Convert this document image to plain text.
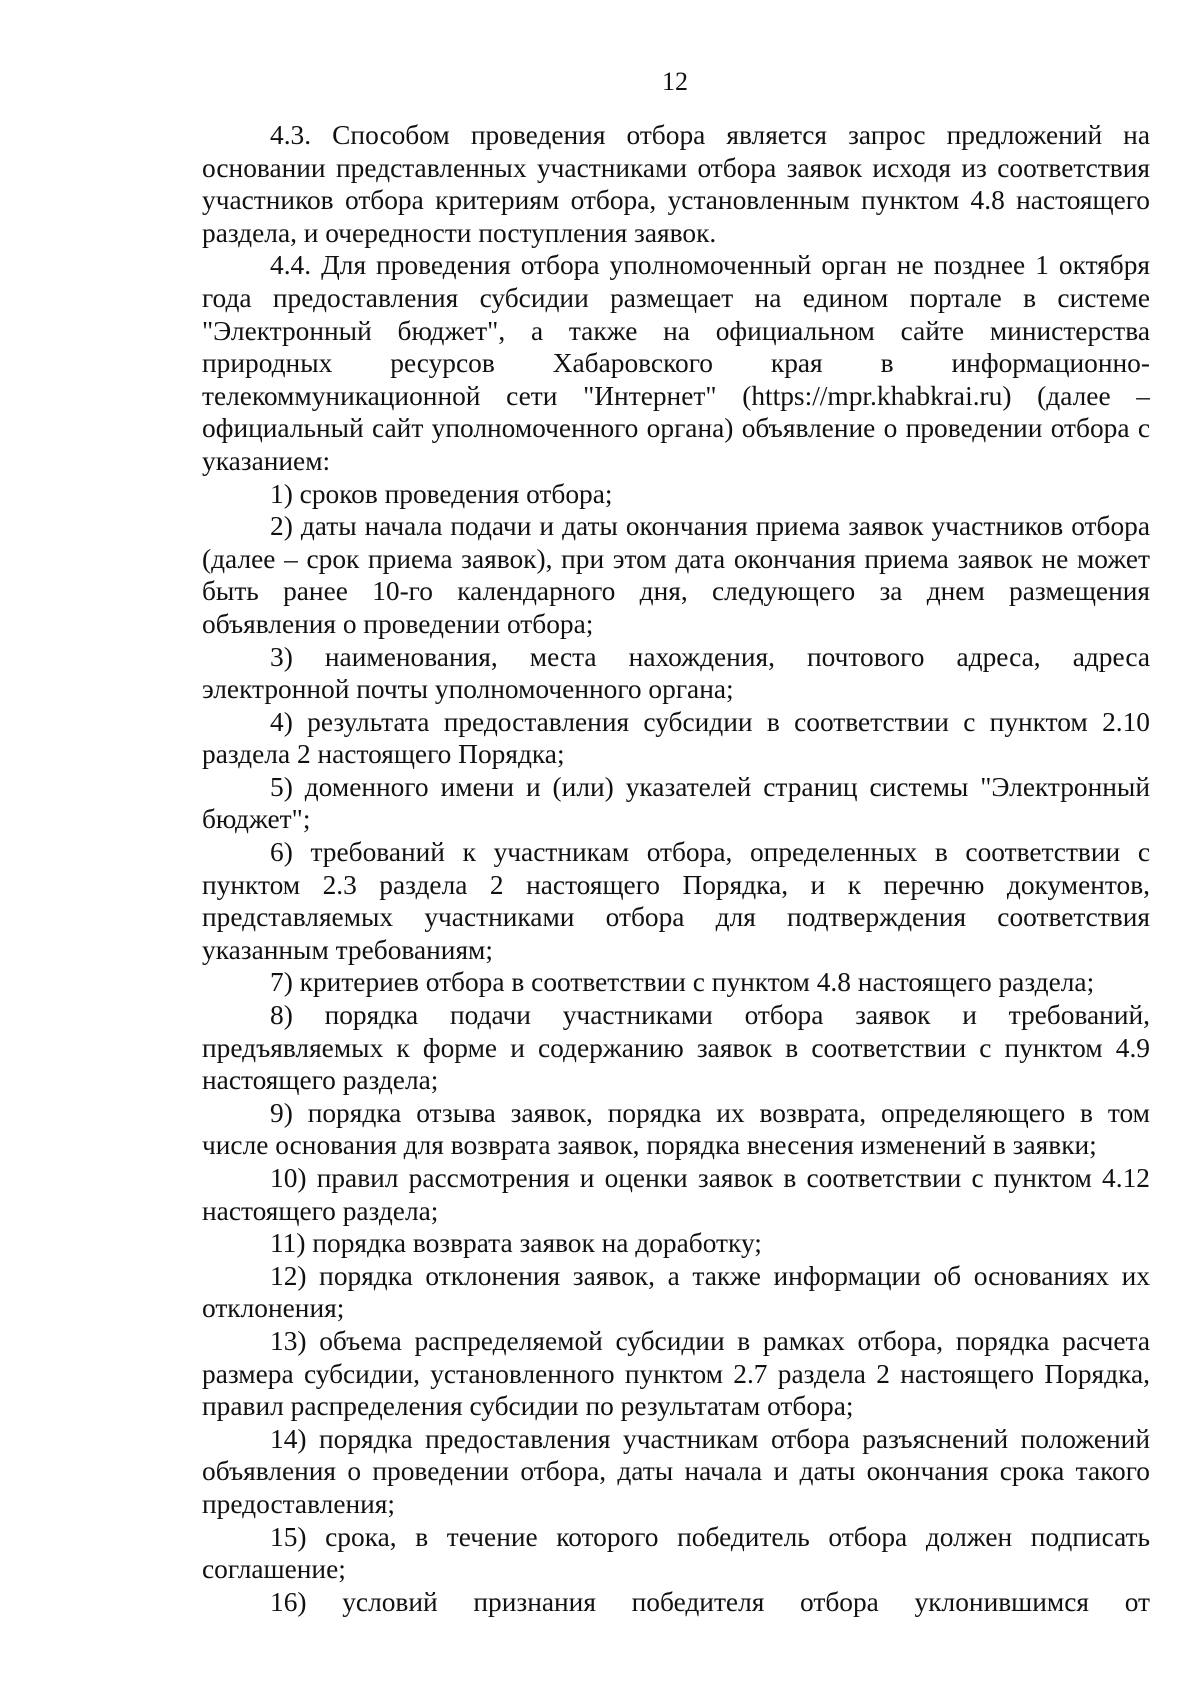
12

4.3. Способом проведения отбора является запрос предложений на основании представленных участниками отбора заявок исходя из соответствия участников отбора критериям отбора, установленным пунктом 4.8 настоящего раздела, и очередности поступления заявок.

4.4. Для проведения отбора уполномоченный орган не позднее 1 октября года предоставления субсидии размещает на едином портале в системе "Электронный бюджет", а также на официальном сайте министерства природных ресурсов Хабаровского края в информационно-телекоммуникационной сети "Интернет" (https://mpr.khabkrai.ru) (далее – официальный сайт уполномоченного органа) объявление о проведении отбора с указанием:

1) сроков проведения отбора;

2) даты начала подачи и даты окончания приема заявок участников отбора (далее – срок приема заявок), при этом дата окончания приема заявок не может быть ранее 10-го календарного дня, следующего за днем размещения объявления о проведении отбора;

3) наименования, места нахождения, почтового адреса, адреса электронной почты уполномоченного органа;

4) результата предоставления субсидии в соответствии с пунктом 2.10 раздела 2 настоящего Порядка;

5) доменного имени и (или) указателей страниц системы "Электронный бюджет";

6) требований к участникам отбора, определенных в соответствии с пунктом 2.3 раздела 2 настоящего Порядка, и к перечню документов, представляемых участниками отбора для подтверждения соответствия указанным требованиям;

7) критериев отбора в соответствии с пунктом 4.8 настоящего раздела;

8) порядка подачи участниками отбора заявок и требований, предъявляемых к форме и содержанию заявок в соответствии с пунктом 4.9 настоящего раздела;

9) порядка отзыва заявок, порядка их возврата, определяющего в том числе основания для возврата заявок, порядка внесения изменений в заявки;

10) правил рассмотрения и оценки заявок в соответствии с пунктом 4.12 настоящего раздела;

11) порядка возврата заявок на доработку;

12) порядка отклонения заявок, а также информации об основаниях их отклонения;

13) объема распределяемой субсидии в рамках отбора, порядка расчета размера субсидии, установленного пунктом 2.7 раздела 2 настоящего Порядка, правил распределения субсидии по результатам отбора;

14) порядка предоставления участникам отбора разъяснений положений объявления о проведении отбора, даты начала и даты окончания срока такого предоставления;

15) срока, в течение которого победитель отбора должен подписать соглашение;

16) условий признания победителя отбора уклонившимся от
